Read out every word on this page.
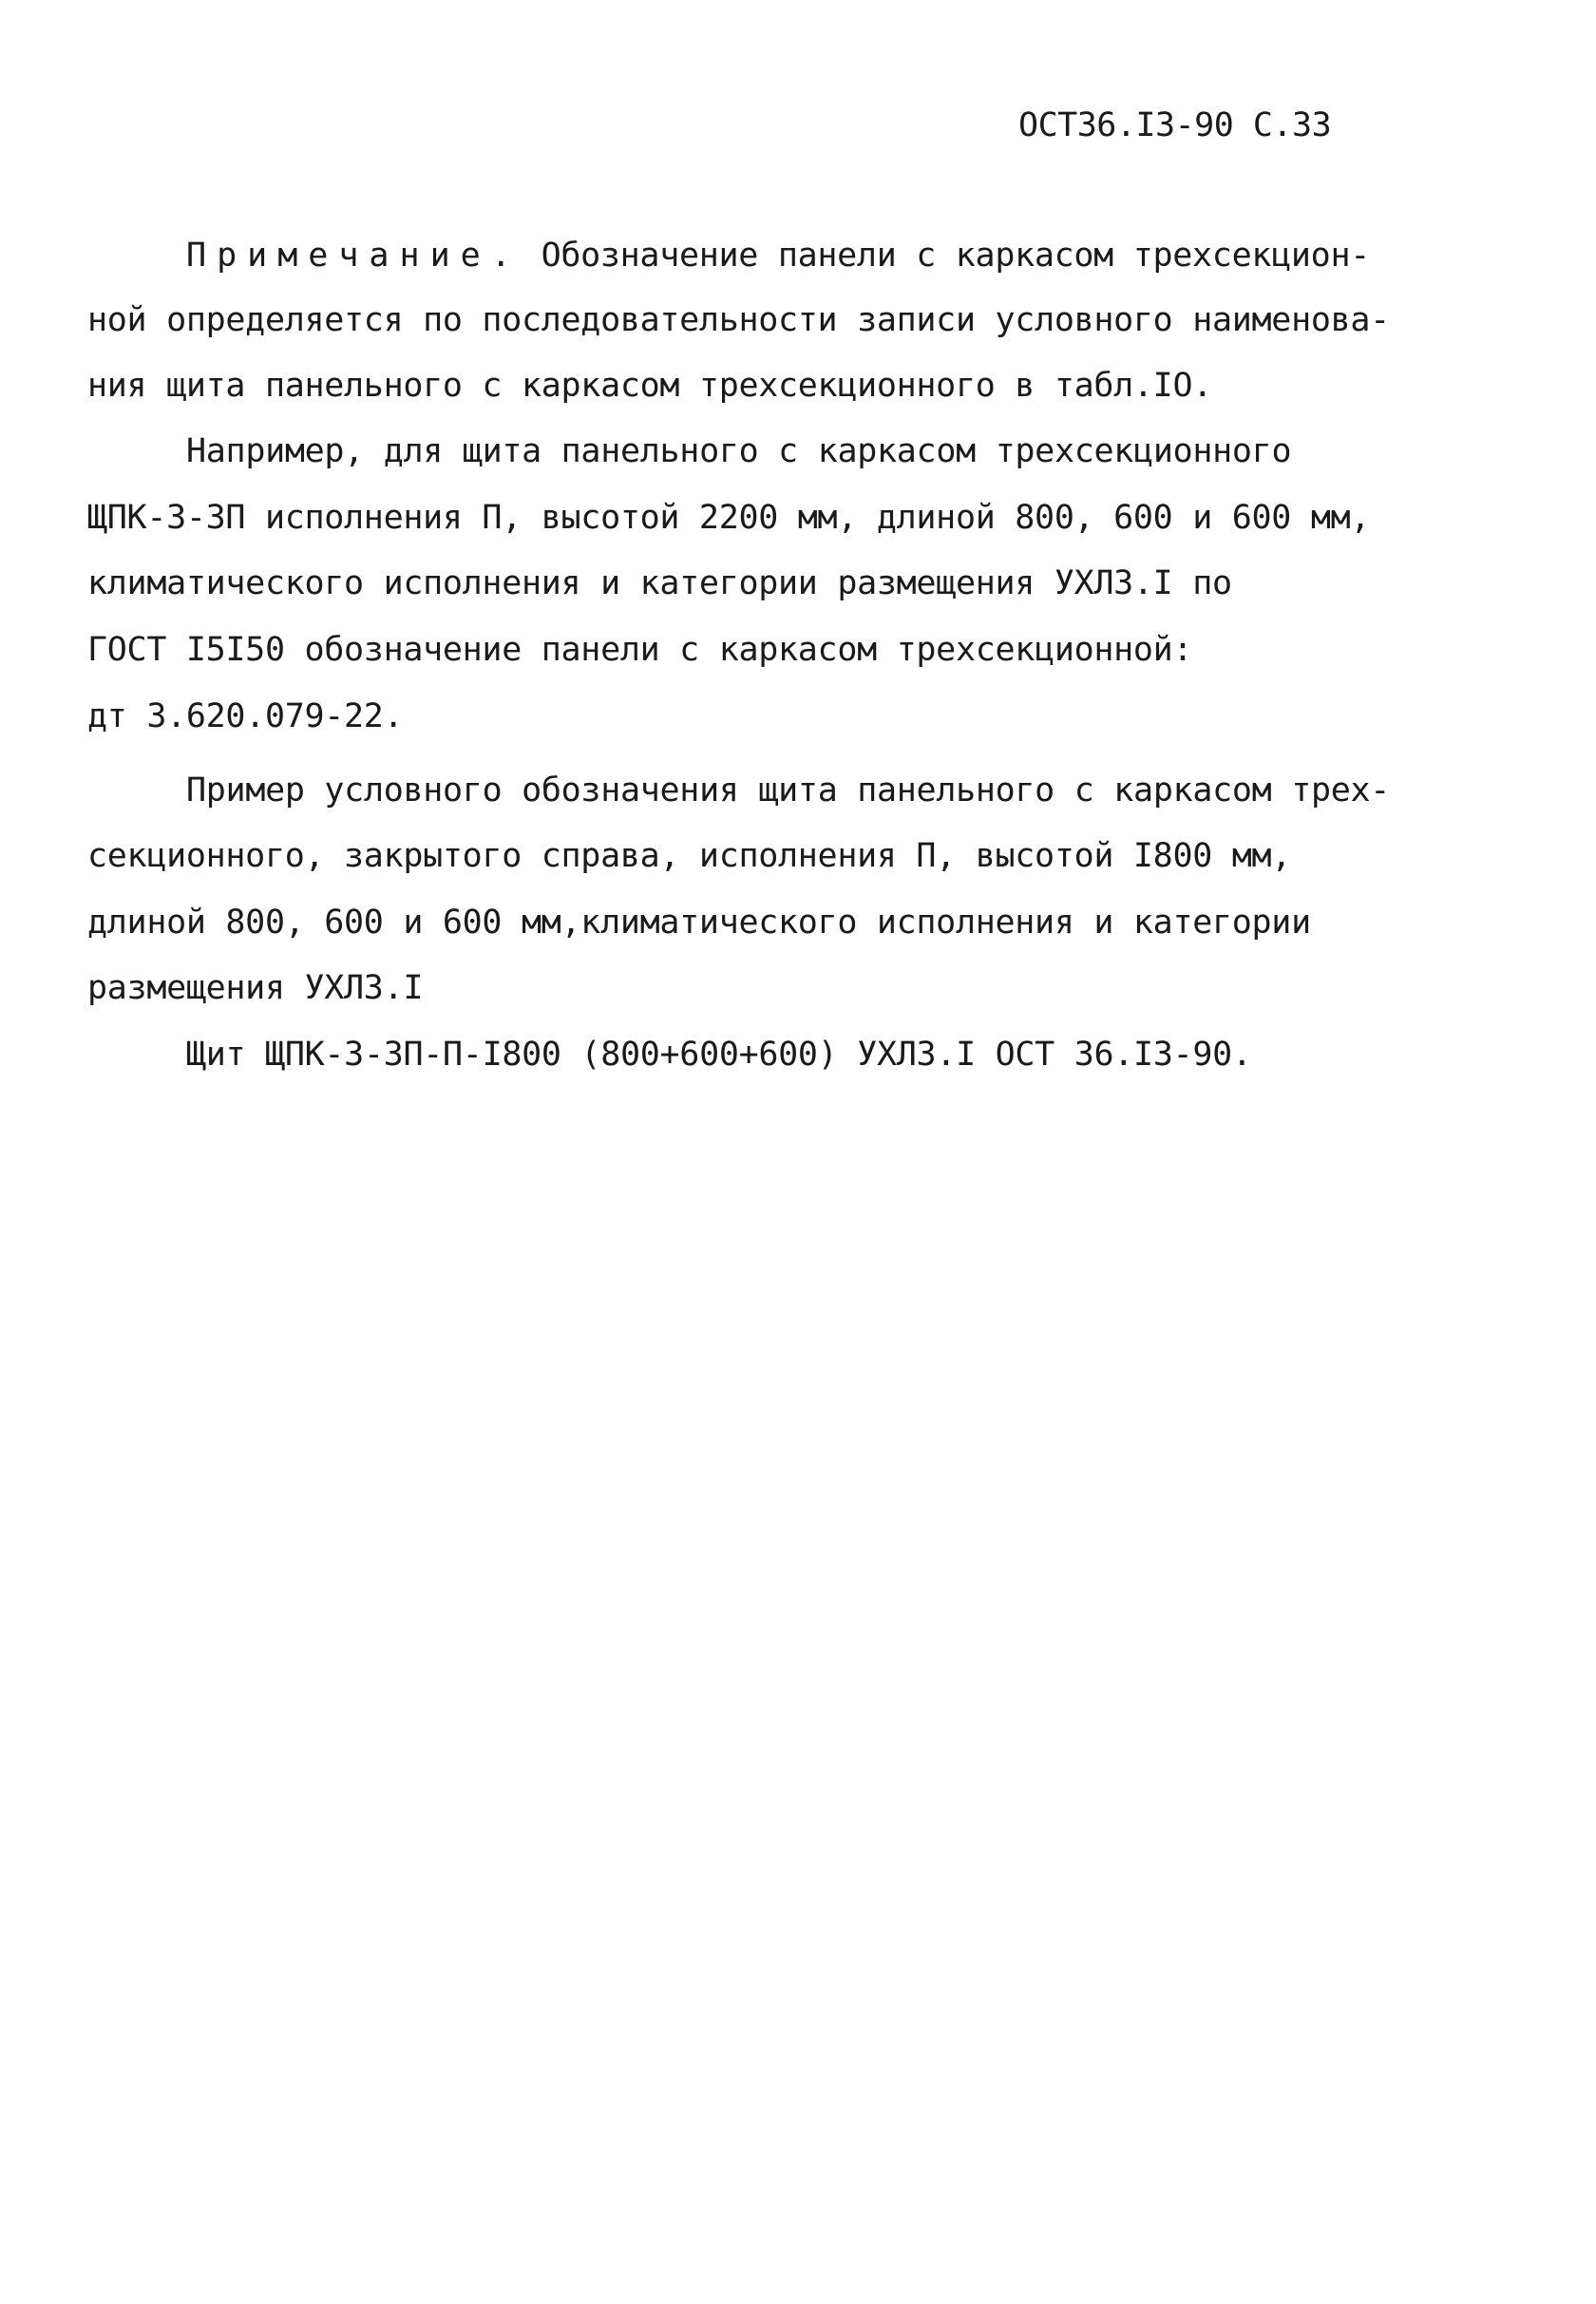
ОСТ36.I3-90 С.33
Примечание. Обозначение панели с каркасом трехсекцион-
ной определяется по последовательности записи условного наименова-
ния щита панельного с каркасом трехсекционного в табл.IО.
Например, для щита панельного с каркасом трехсекционного
ЩПК-3-3П исполнения П, высотой 2200 мм, длиной 800, 600 и 600 мм,
климатического исполнения и категории размещения УХЛ3.I по
ГОСТ I5I50 обозначение панели с каркасом трехсекционной:
дт 3.620.079-22.
Пример условного обозначения щита панельного с каркасом трех-
секционного, закрытого справа, исполнения П, высотой I800 мм,
длиной 800, 600 и 600 мм,климатического исполнения и категории
размещения УХЛ3.I
Щит ЩПК-3-3П-П-I800 (800+600+600) УХЛ3.I ОСТ 36.I3-90.
